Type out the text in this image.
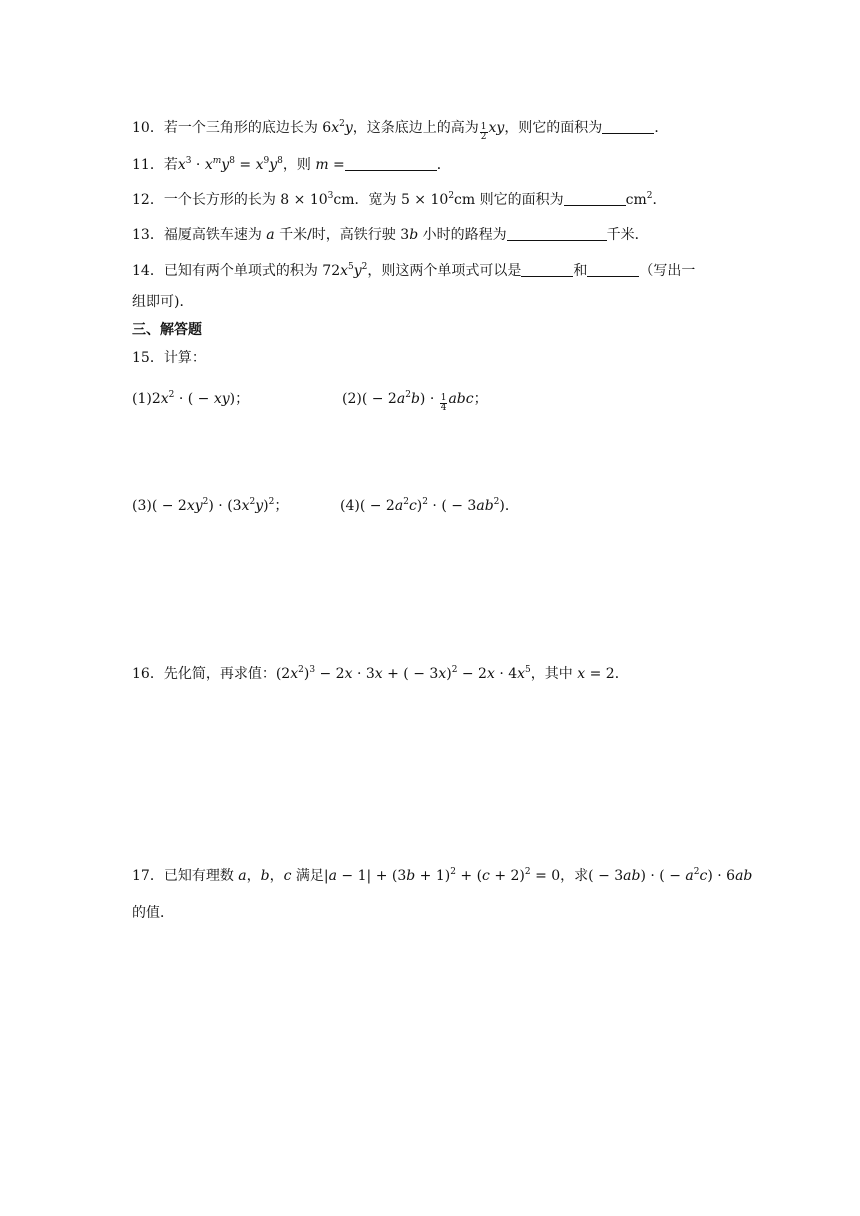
10．若一个三角形的底边长为 $6x^2y$，这条底边上的高为 $\frac{1}{2}$ xy，则它的面积为	．
11．若$x^3 \cdot x^my^8 = x^9y^8$，则 m =	．
12．一个长方形的长为 $8 \times 10^3cm$．宽为 $5 \times 10^2cm$ 则它的面积为	$cm^2$．
13．福厦高铁车速为 a 千米/时，高铁行驶 3b 小时的路程为	千米．
14．已知有两个单项式的积为 $72x^5y^2$，则这两个单项式可以是	和	（写出一
组即可)．
三、解答题
15．计算：
$(1)2x^2$ · ( − xy)；	$(2)( - 2a^2b) \cdot \frac{1}{4}$ abc；
$(3)( - 2xy^2) \cdot (3x^2y)^2$；	$(4)( - 2a^2c)^2$ · ( − $3ab^2$)．
16．先化简，再求值：$(2x^2)^3 - 2x \cdot 3x$ + ( − $3x)^2 - 2x \cdot 4x^5$，其中 x = 2．
17．已知有理数 a，b，c 满足$|a - 1| + (3b + 1)^2 + (c + 2)^2 = 0$，求( − 3ab) · ( − $a^2c) \cdot 6ab$
的值．
